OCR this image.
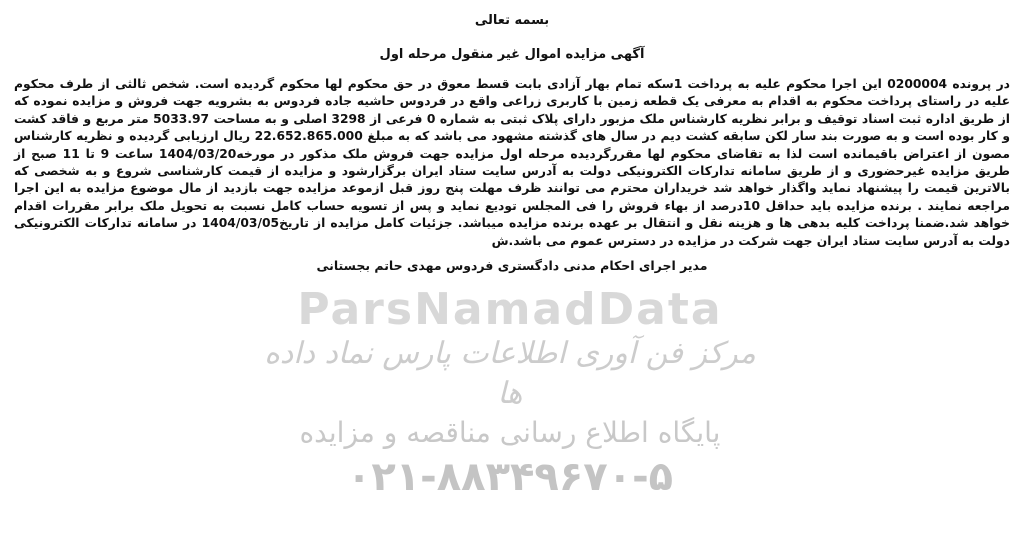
ParsNamadData
مرکز فن آوری اطلاعات پارس نماد داده ها
پایگاه اطلاع رسانی مناقصه و مزایده
۰۲۱-۸۸۳۴۹۶۷۰-۵
بسمه تعالی
آگهی مزایده اموال غیر منقول مرحله اول
در پرونده 0200004 این اجرا محکوم علیه به پرداخت 1سکه تمام بهار آزادی بابت قسط معوق در حق محکوم لها محکوم گردیده است. شخص ثالثی از طرف محکوم علیه در راستای پرداخت محکوم به اقدام به معرفی یک قطعه زمین با کاربری زراعی واقع در فردوس حاشیه جاده فردوس به بشرویه جهت فروش و مزایده نموده که از طریق اداره ثبت اسناد توقیف و برابر نظریه کارشناس ملک مزبور دارای پلاک ثبتی به شماره 0 فرعی از 3298 اصلی و به مساحت 5033.97 متر مربع و فاقد کشت و کار بوده است و به صورت بند سار لکن سابقه کشت دیم در سال های گذشته مشهود می باشد که به مبلغ 22.652.865.000 ریال ارزیابی گردیده و نظریه کارشناس مصون از اعتراض باقیمانده است لذا به تقاضای محکوم لها مقررگردیده مرحله اول مزایده جهت فروش ملک مذکور در مورخه1404/03/20 ساعت 9 تا 11 صبح از طریق مزایده غیرحضوری و از طریق سامانه تدارکات الکترونیکی دولت به آدرس سایت ستاد ایران برگزارشود و مزایده از قیمت کارشناسی شروع و به شخصی که بالاترین قیمت را پیشنهاد نماید واگذار خواهد شد خریداران محترم می توانند ظرف مهلت پنج روز قبل ازموعد مزایده جهت بازدید از مال موضوع مزایده به این اجرا مراجعه نمایند . برنده مزایده باید حداقل 10درصد از بهاء فروش را فی المجلس تودیع نماید و پس از تسویه حساب کامل نسبت به تحویل ملک برابر مقررات اقدام خواهد شد.ضمنا پرداخت کلیه بدهی ها و هزینه نقل و انتقال بر عهده برنده مزایده میباشد. جزئیات کامل مزایده از تاریخ1404/03/05 در سامانه تدارکات الکترونیکی دولت به آدرس سایت ستاد ایران جهت شرکت در مزایده در دسترس عموم می باشد.ش
مدیر اجرای احکام مدنی دادگستری فردوس مهدی حاتم بجستانی
